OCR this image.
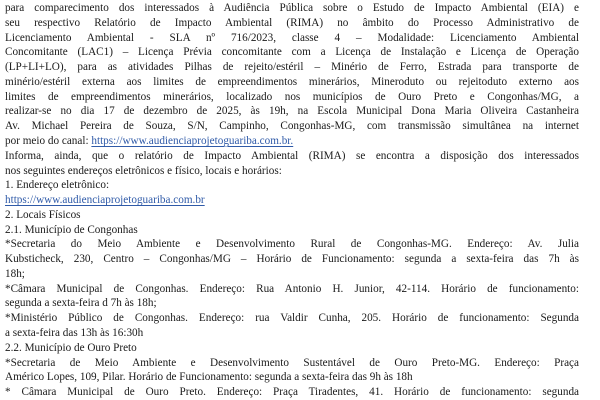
para comparecimento dos interessados à Audiência Pública sobre o Estudo de Impacto Ambiental (EIA) e

seu respectivo Relatório de Impacto Ambiental (RIMA) no âmbito do Processo Administrativo de

Licenciamento Ambiental - SLA nº 716/2023, classe 4 – Modalidade: Licenciamento Ambiental

Concomitante (LAC1) – Licença Prévia concomitante com a Licença de Instalação e Licença de Operação

(LP+LI+LO), para as atividades Pilhas de rejeito/estéril – Minério de Ferro, Estrada para transporte de

minério/estéril externa aos limites de empreendimentos minerários, Mineroduto ou rejeitoduto externo aos

limites de empreendimentos minerários, localizado nos municípios de Ouro Preto e Congonhas/MG, a

realizar-se no dia 17 de dezembro de 2025, às 19h, na Escola Municipal Dona Maria Oliveira Castanheira

Av. Michael Pereira de Souza, S/N, Campinho, Congonhas-MG, com transmissão simultânea na internet

por meio do canal: https://www.audienciaprojetoguariba.com.br.

Informa, ainda, que o relatório de Impacto Ambiental (RIMA) se encontra a disposição dos interessados

nos seguintes endereços eletrônicos e físico, locais e horários:

1. Endereço eletrônico:

https://www.audienciaprojetoguariba.com.br

2. Locais Físicos

2.1. Município de Congonhas

*Secretaria do Meio Ambiente e Desenvolvimento Rural de Congonhas-MG. Endereço: Av. Julia

Kubsticheck, 230, Centro – Congonhas/MG – Horário de Funcionamento: segunda a sexta-feira das 7h às

18h;

*Câmara Municipal de Congonhas. Endereço: Rua Antonio H. Junior, 42-114. Horário de funcionamento:

segunda a sexta-feira d 7h às 18h;

*Ministério Público de Congonhas. Endereço: rua Valdir Cunha, 205. Horário de funcionamento: Segunda

a sexta-feira das 13h às 16:30h

2.2. Município de Ouro Preto

*Secretaria de Meio Ambiente e Desenvolvimento Sustentável de Ouro Preto-MG. Endereço: Praça

Américo Lopes, 109, Pilar. Horário de Funcionamento: segunda a sexta-feira das 9h às 18h

* Câmara Municipal de Ouro Preto. Endereço: Praça Tiradentes, 41. Horário de funcionamento: segunda
